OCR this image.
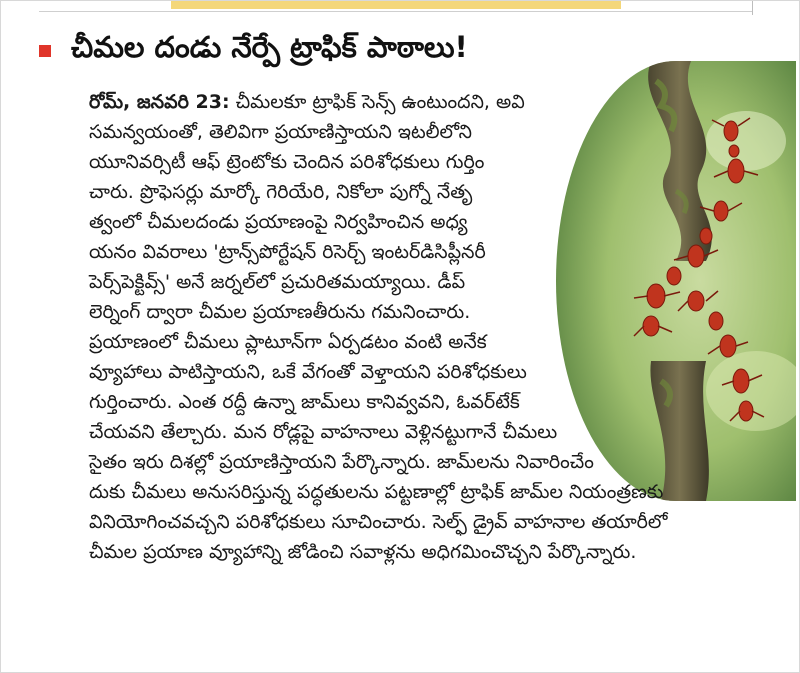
చీమల దండు నేర్పే ట్రాఫిక్ పాఠాలు!
రోమ్, జనవరి 23: చీమలకూ ట్రాఫిక్ సెన్స్ ఉంటుందని, అవి
సమన్వయంతో, తెలివిగా ప్రయాణిస్తాయని ఇటలీలోని
యూనివర్సిటీ ఆఫ్ ట్రెంటోకు చెందిన పరిశోధకులు గుర్తిం
చారు. ప్రొఫెసర్లు మార్కో గెరియేరి, నికోలా పుగ్నో నేతృ
త్వంలో చీమలదండు ప్రయాణంపై నిర్వహించిన అధ్య
యనం వివరాలు 'ట్రాన్స్‌పోర్టేషన్ రిసెర్చ్ ఇంటర్‌డిసిప్లీనరీ
పెర్స్‌పెక్టివ్స్' అనే జర్నల్‌లో ప్రచురితమయ్యాయి. డీప్
లెర్నింగ్ ద్వారా చీమల ప్రయాణతీరును గమనించారు.
ప్రయాణంలో చీమలు ప్లాటూన్‌గా ఏర్పడటం వంటి అనేక
వ్యూహాలు పాటిస్తాయని, ఒకే వేగంతో వెళ్తాయని పరిశోధకులు
గుర్తించారు. ఎంత రద్దీ ఉన్నా జామ్‌లు కానివ్వవని, ఓవర్‌టేక్
చేయవని తేల్చారు. మన రోడ్లపై వాహనాలు వెళ్లినట్టుగానే చీమలు
సైతం ఇరు దిశల్లో ప్రయాణిస్తాయని పేర్కొన్నారు. జామ్‌లను నివారించేం
దుకు చీమలు అనుసరిస్తున్న పద్ధతులను పట్టణాల్లో ట్రాఫిక్ జామ్‌ల నియంత్రణకు
వినియోగించవచ్చని పరిశోధకులు సూచించారు. సెల్ఫ్ డ్రైవ్ వాహనాల తయారీలో
చీమల ప్రయాణ వ్యూహాన్ని జోడించి సవాళ్లను అధిగమించొచ్చని పేర్కొన్నారు.
